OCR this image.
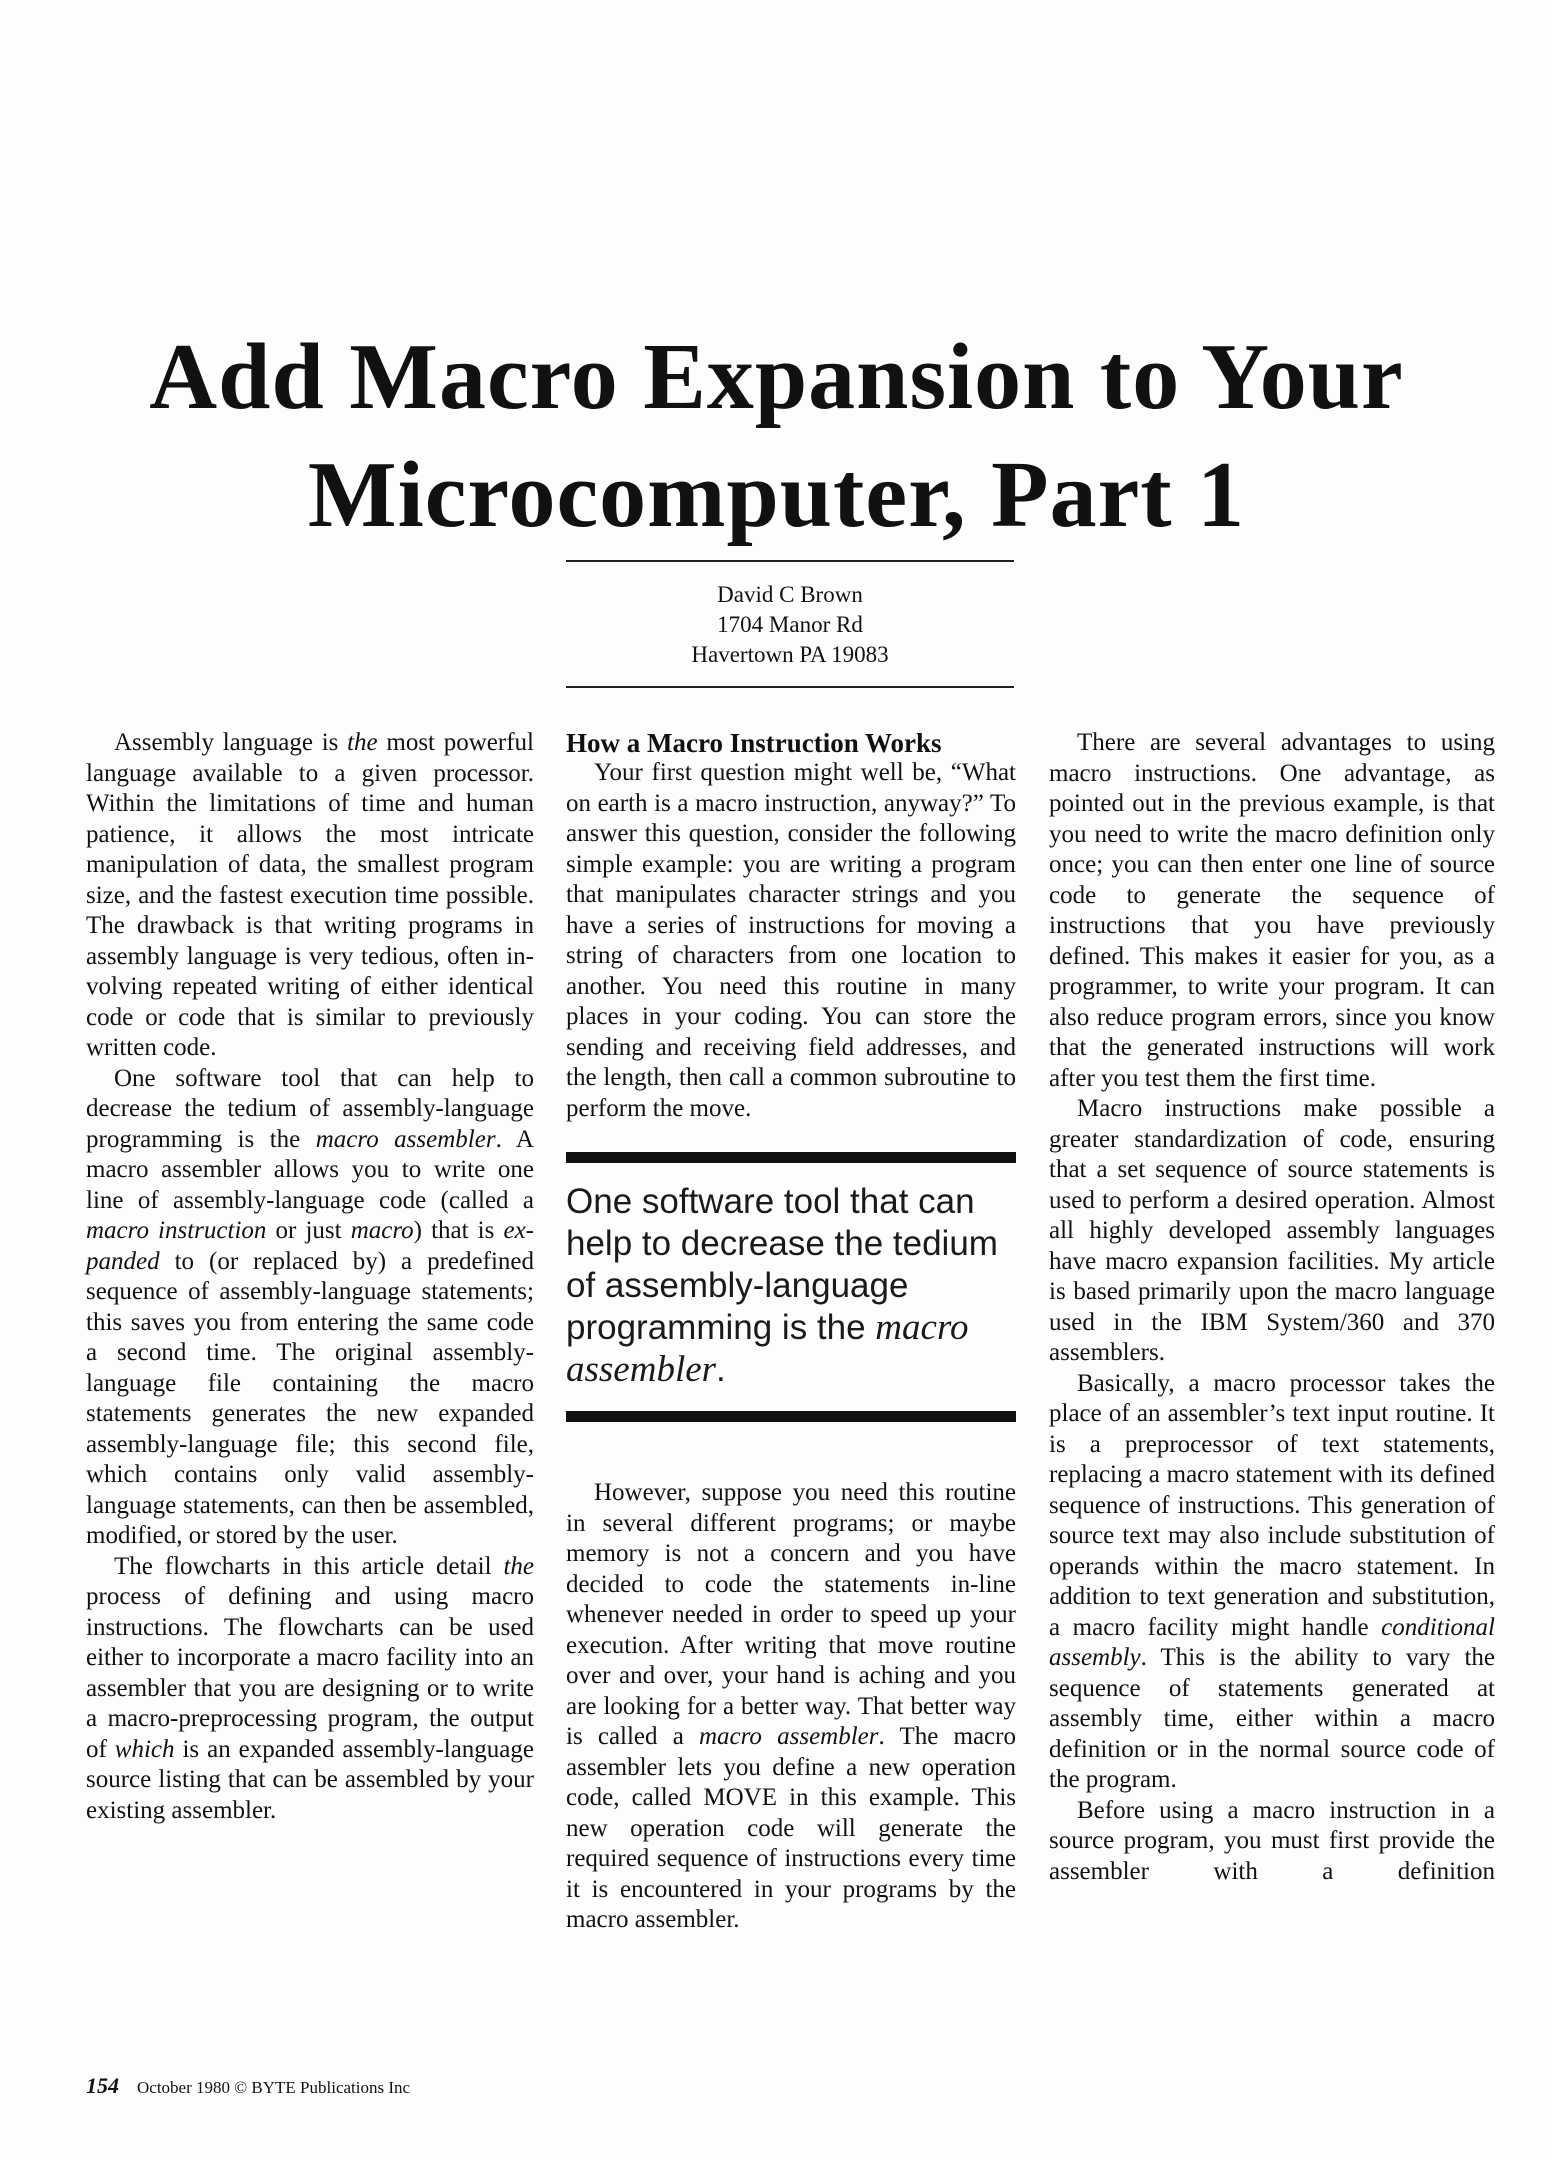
Add Macro Expansion to Your
Microcomputer, Part 1
David C Brown
1704 Manor Rd
Havertown PA 19083

Assembly language is the most powerful language available to a given processor. Within the limitations of time and human patience, it allows the most intricate manipulation of data, the smallest program size, and the fastest execution time possible. The drawback is that writing programs in assembly language is very tedious, often involving repeated writing of either identical code or code that is similar to previously written code.

One software tool that can help to decrease the tedium of assembly-language programming is the macro assembler. A macro assembler allows you to write one line of assembly-language code (called a macro instruction or just macro) that is expanded to (or replaced by) a predefined sequence of assembly-language statements; this saves you from entering the same code a second time. The original assembly-language file containing the macro statements generates the new expanded assembly-language file; this second file, which contains only valid assembly-language statements, can then be assembled, modified, or stored by the user.

The flowcharts in this article detail the process of defining and using macro instructions. The flowcharts can be used either to incorporate a macro facility into an assembler that you are designing or to write a macro-preprocessing program, the output of which is an expanded assembly-language source listing that can be assembled by your existing assembler.

How a Macro Instruction Works

Your first question might well be, “What on earth is a macro instruction, anyway?” To answer this question, consider the following simple example: you are writing a program that manipulates character strings and you have a series of instructions for moving a string of characters from one location to another. You need this routine in many places in your coding. You can store the sending and receiving field addresses, and the length, then call a common subroutine to perform the move.

One software tool that can help to decrease the tedium of assembly-language programming is the macro assembler.

However, suppose you need this routine in several different programs; or maybe memory is not a concern and you have decided to code the statements in-line whenever needed in order to speed up your execution. After writing that move routine over and over, your hand is aching and you are looking for a better way. That better way is called a macro assembler. The macro assembler lets you define a new operation code, called MOVE in this example. This new operation code will generate the required sequence of instructions every time it is encountered in your programs by the macro assembler.

There are several advantages to using macro instructions. One advantage, as pointed out in the previous example, is that you need to write the macro definition only once; you can then enter one line of source code to generate the sequence of instructions that you have previously defined. This makes it easier for you, as a programmer, to write your program. It can also reduce program errors, since you know that the generated instructions will work after you test them the first time.

Macro instructions make possible a greater standardization of code, ensuring that a set sequence of source statements is used to perform a desired operation. Almost all highly developed assembly languages have macro expansion facilities. My article is based primarily upon the macro language used in the IBM System/360 and 370 assemblers.

Basically, a macro processor takes the place of an assembler’s text input routine. It is a preprocessor of text statements, replacing a macro statement with its defined sequence of instructions. This generation of source text may also include substitution of operands within the macro statement. In addition to text generation and substitution, a macro facility might handle conditional assembly. This is the ability to vary the sequence of statements generated at assembly time, either within a macro definition or in the normal source code of the program.

Before using a macro instruction in a source program, you must first provide the assembler with a definition

154 October 1980 © BYTE Publications Inc
